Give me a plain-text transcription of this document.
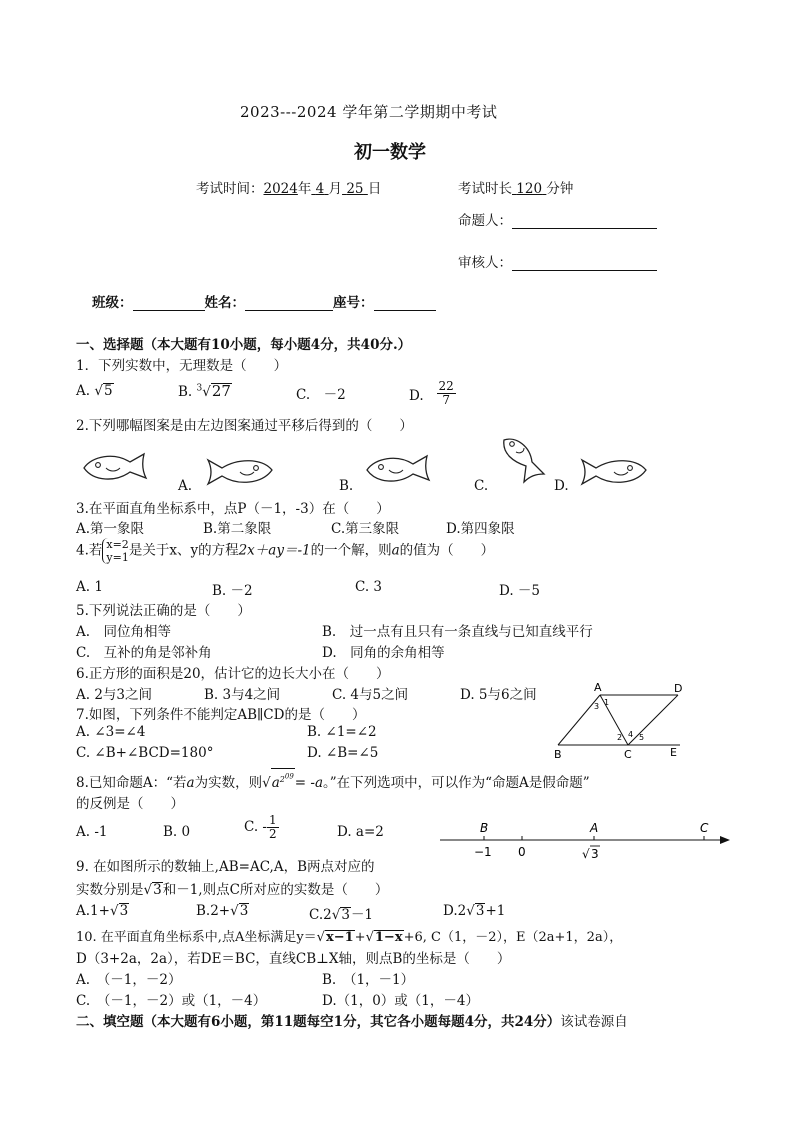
2023---2024 学年第二学期期中考试
初一数学
考试时间：2024年 4 月 25 日	考试时长 120 分钟
命题人：
审核人：
班级：	姓名：	座号：
一、选择题（本大题有10小题，每小题4分，共40分.）
1．下列实数中，无理数是（　　）
A. √5	B. $^3$√27	C.　－2	D. $\frac{22}{7}$
2.下列哪幅图案是由左边图案通过平移后得到的（　　）
A.	B.	C.	D.
3.在平面直角坐标系中，点P（－1，-3）在（　　）
A.第一象限	B.第二象限	C.第三象限	D.第四象限
4.若 x=2
y=1 是关于x、y的方程2x＋ay＝-1的一个解，则a的值为（　　）
A. 1	B. －2	C. 3	D. －5
5.下列说法正确的是（　　）
A.　同位角相等	B.　过一点有且只有一条直线与已知直线平行
C.　互补的角是邻补角	D.　同角的余角相等
6.正方形的面积是20，估计它的边长大小在（　　）
A. 2与3之间	B. 3与4之间	C. 4与5之间	D. 5与6之间
7.如图，下列条件不能判定AB∥CD的是（　　）
A. ∠3=∠4	B. ∠1=∠2
C. ∠B+∠BCD=180°	D. ∠B=∠5
A	D
B	C	E
1
2
3
4 5
8.已知命题A：“若a为实数，则$√a^{2^{09}}= -a$。”在下列选项中，可以作为“命题A是假命题”
的反例是（　　）
A. -1	B. 0	C. - $\frac{1}{2}$	D. a=2	B	A	C
−1 0	√ 3
9. 在如图所示的数轴上,AB=AC,A，B两点对应的
实数分别是√3和－1,则点C所对应的实数是（　　）
A.1+√3	B.2+√3	C.2√3－1	D.2√3+1
10. 在平面直角坐标系中,点A坐标满足y＝√x−1+√1−x+6, C（1，－2），E（2a+1，2a），
D（3+2a，2a），若DE＝BC，直线CB⊥X轴，则点B的坐标是（　　）
A.　（－1，－2）	B.　（1，－1）
C.　（－1，－2）或（1，－4）	D.（1，0）或（1，－4）
二、填空题（本大题有6小题，第11题每空1分，其它各小题每题4分，共24分）该试卷源自
